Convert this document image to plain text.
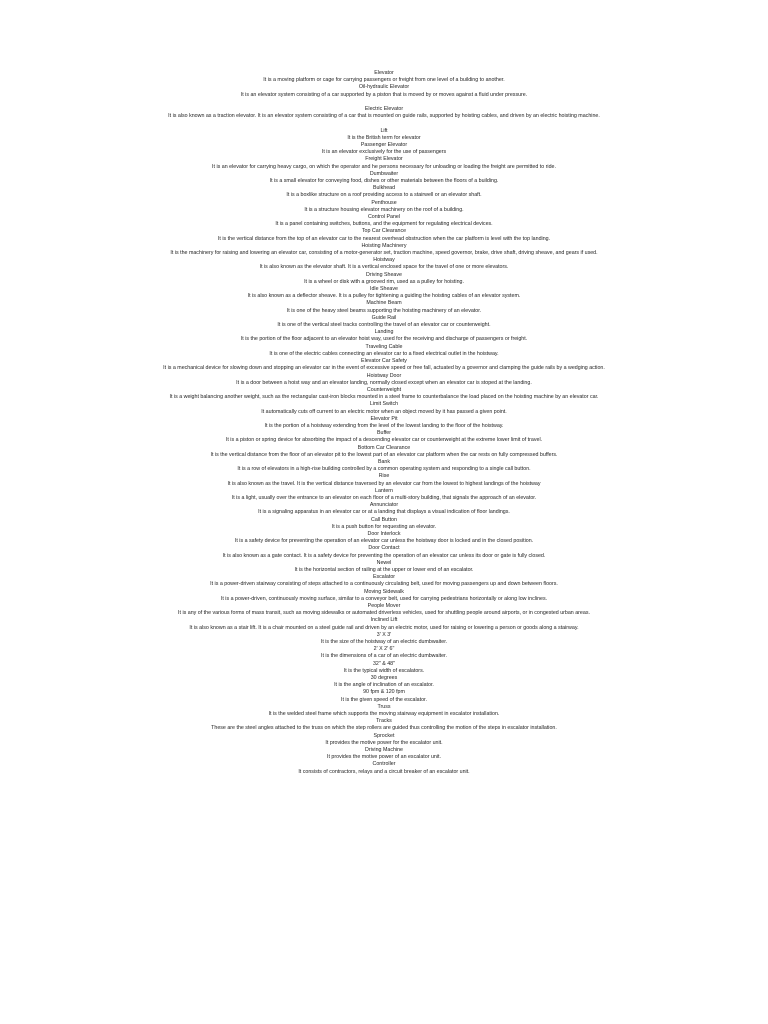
Elevator
It is a moving platform or cage for carrying passengers or freight from one level of a building to another.
Oil-hydraulic Elevator
It is an elevator system consisting of a car supported by a piston that is moved by or moves against a fluid under pressure.
Electric Elevator
It is also known as a traction elevator. It is an elevator system consisting of a car that is mounted on guide rails, supported by hoisting cables, and driven by an electric hoisting machine.
Lift
It is the British term for elevator
Passenger Elevator
It is an elevator exclusively for the use of passengers
Freight Elevator
It is an elevator for carrying heavy cargo, on which the operator and he persons necessary for unloading or loading the freight are permitted to ride.
Dumbwaiter
It is a small elevator for conveying food, dishes or other materials between the floors of a building.
Bulkhead
It is a boxlike structure on a roof providing access to a stairwell or an elevator shaft.
Penthouse
It is a structure housing elevator machinery on the roof of a building.
Control Panel
It is a panel containing switches, buttons, and the equipment for regulating electrical devices.
Top Car Clearance
It is the vertical distance from the top of an elevator car to the nearest overhead obstruction when the car platform is level with the top landing.
Hoisting Machinery
It is the machinery for raising and lowering an elevator car, consisting of a motor-generator set, traction machine, speed governor, brake, drive shaft, driving sheave, and gears if used.
Hoistway
It is also known as the elevator shaft. It is a vertical enclosed space for the travel of one or more elevators.
Driving Sheave
It is a wheel or disk with a grooved rim, used as a pulley for hoisting.
Idle Sheave
It is also known as a deflector sheave. It is a pulley for tightening a guiding the hoisting cables of an elevator system.
Machine Beam
It is one of the heavy steel beams supporting the hoisting machinery of an elevator.
Guide Rail
It is one of the vertical steel tracks controlling the travel of an elevator car or counterweight.
Landing
It is the portion of the floor adjacent to an elevator hoist way, used for the receiving and discharge of passengers or freight.
Traveling Cable
It is one of the electric cables connecting an elevator car to a fixed electrical outlet in the hoistway.
Elevator Car Safety
It is a mechanical device for slowing down and stopping an elevator car in the event of excessive speed or free fall, actuated by a governor and clamping the guide rails by a wedging action.
Hoistway Door
It is a door between a hoist way and an elevator landing, normally closed except when an elevator car is stoped at the landing.
Counterweight
It is a weight balancing another weight, such as the rectangular cast-iron blocks mounted in a steel frame to counterbalance the load placed on the hoisting machine by an elevator car.
Limit Switch
It automatically cuts off current to an electric motor when an object moved by it has passed a given point.
Elevator Pit
It is the portion of a hoistway extending from the level of the lowest landing to the floor of the hoistway.
Buffer
It is a piston or spring device for absorbing the impact of a descending elevator car or counterweight at the extreme lower limit of travel.
Bottom Car Clearance
It is the vertical distance from the floor of an elevator pit to the lowest part of an elevator car platform when the car rests on fully compressed buffers.
Bank
It is a row of elevators in a high-rise building controlled by a common operating system and responding to a single call button.
Rise
It is also known as the travel. It is the vertical distance traversed by an elevator car from the lowest to highest landings of the hoistway
Lantern
It is a light, usually over the entrance to an elevator on each floor of a multi-story building, that signals the approach of an elevator.
Annunciator
It is a signaling apparatus in an elevator car or at a landing that displays a visual indication of floor landings.
Call Button
It is a push button for requesting an elevator.
Door Interlock
It is a safety device for preventing the operation of an elevator car unless the hoistway door is locked and in the closed position.
Door Contact
It is also known as a gate contact. It is a safety device for preventing the operation of an elevator car unless its door or gate is fully closed.
Newel
It is the horizontal section of railing at the upper or lower end of an escalator.
Escalator
It is a power-driven stairway consisting of steps attached to a continuously circulating belt, used for moving passengers up and down between floors.
Moving Sidewalk
It is a power-driven, continuously moving surface, similar to a conveyor belt, used for carrying pedestrians horizontally or along low inclines.
People Mover
It is any of the various forms of mass transit, such as moving sidewalks or automated driverless vehicles, used for shuttling people around airports, or in congested urban areas.
Inclined Lift
It is also known as a stair lift. It is a chair mounted on a steel guide rail and driven by an electric motor, used for raising or lowering a person or goods along a stairway.
3' X 3'
It is the size of the hoistway of an electric dumbwaiter.
2' X 2' 6"
It is the dimensions of a car of an electric dumbwaiter.
32" & 48"
It is the typical width of escalators.
30 degrees
It is the angle of inclination of an escalator.
90 fpm & 120 fpm
It is the given speed of the escalator.
Truss
It is the welded steel frame which supports the moving stairway equipment in escalator installation.
Tracks
These are the steel angles attached to the truss on which the step rollers are guided thus controlling the motion of the steps in escalator installation.
Sprocket
It provides the motive power for the escalator unit.
Driving Machine
It provides the motive power of an escalator unit.
Controller
It consists of contractors, relays and a circuit breaker of an escalator unit.
